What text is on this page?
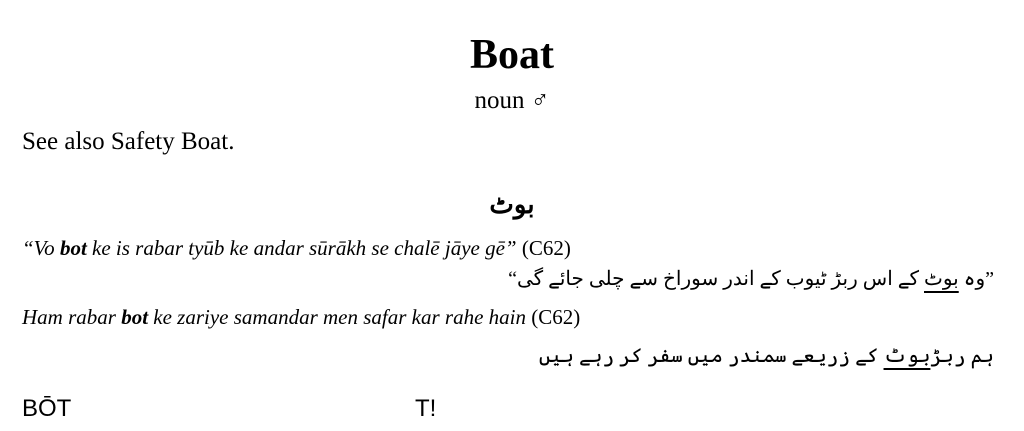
Boat
noun ♂
See also Safety Boat.
بوٹ
“Vo bot ke is rabar tyūb ke andar sūrākh se chalē jāye gē” (C62)
”وہ بوٹ کے اس ربڑ ٹیوب کے اندر سوراخ سے چلی جائے گی“
Ham rabar bot ke zariye samandar men safar kar rahe hain (C62)
ہم ربڑبوٹ کے زریعے سمندر میں سفر کر رہے ہیں
BŌT	T!
